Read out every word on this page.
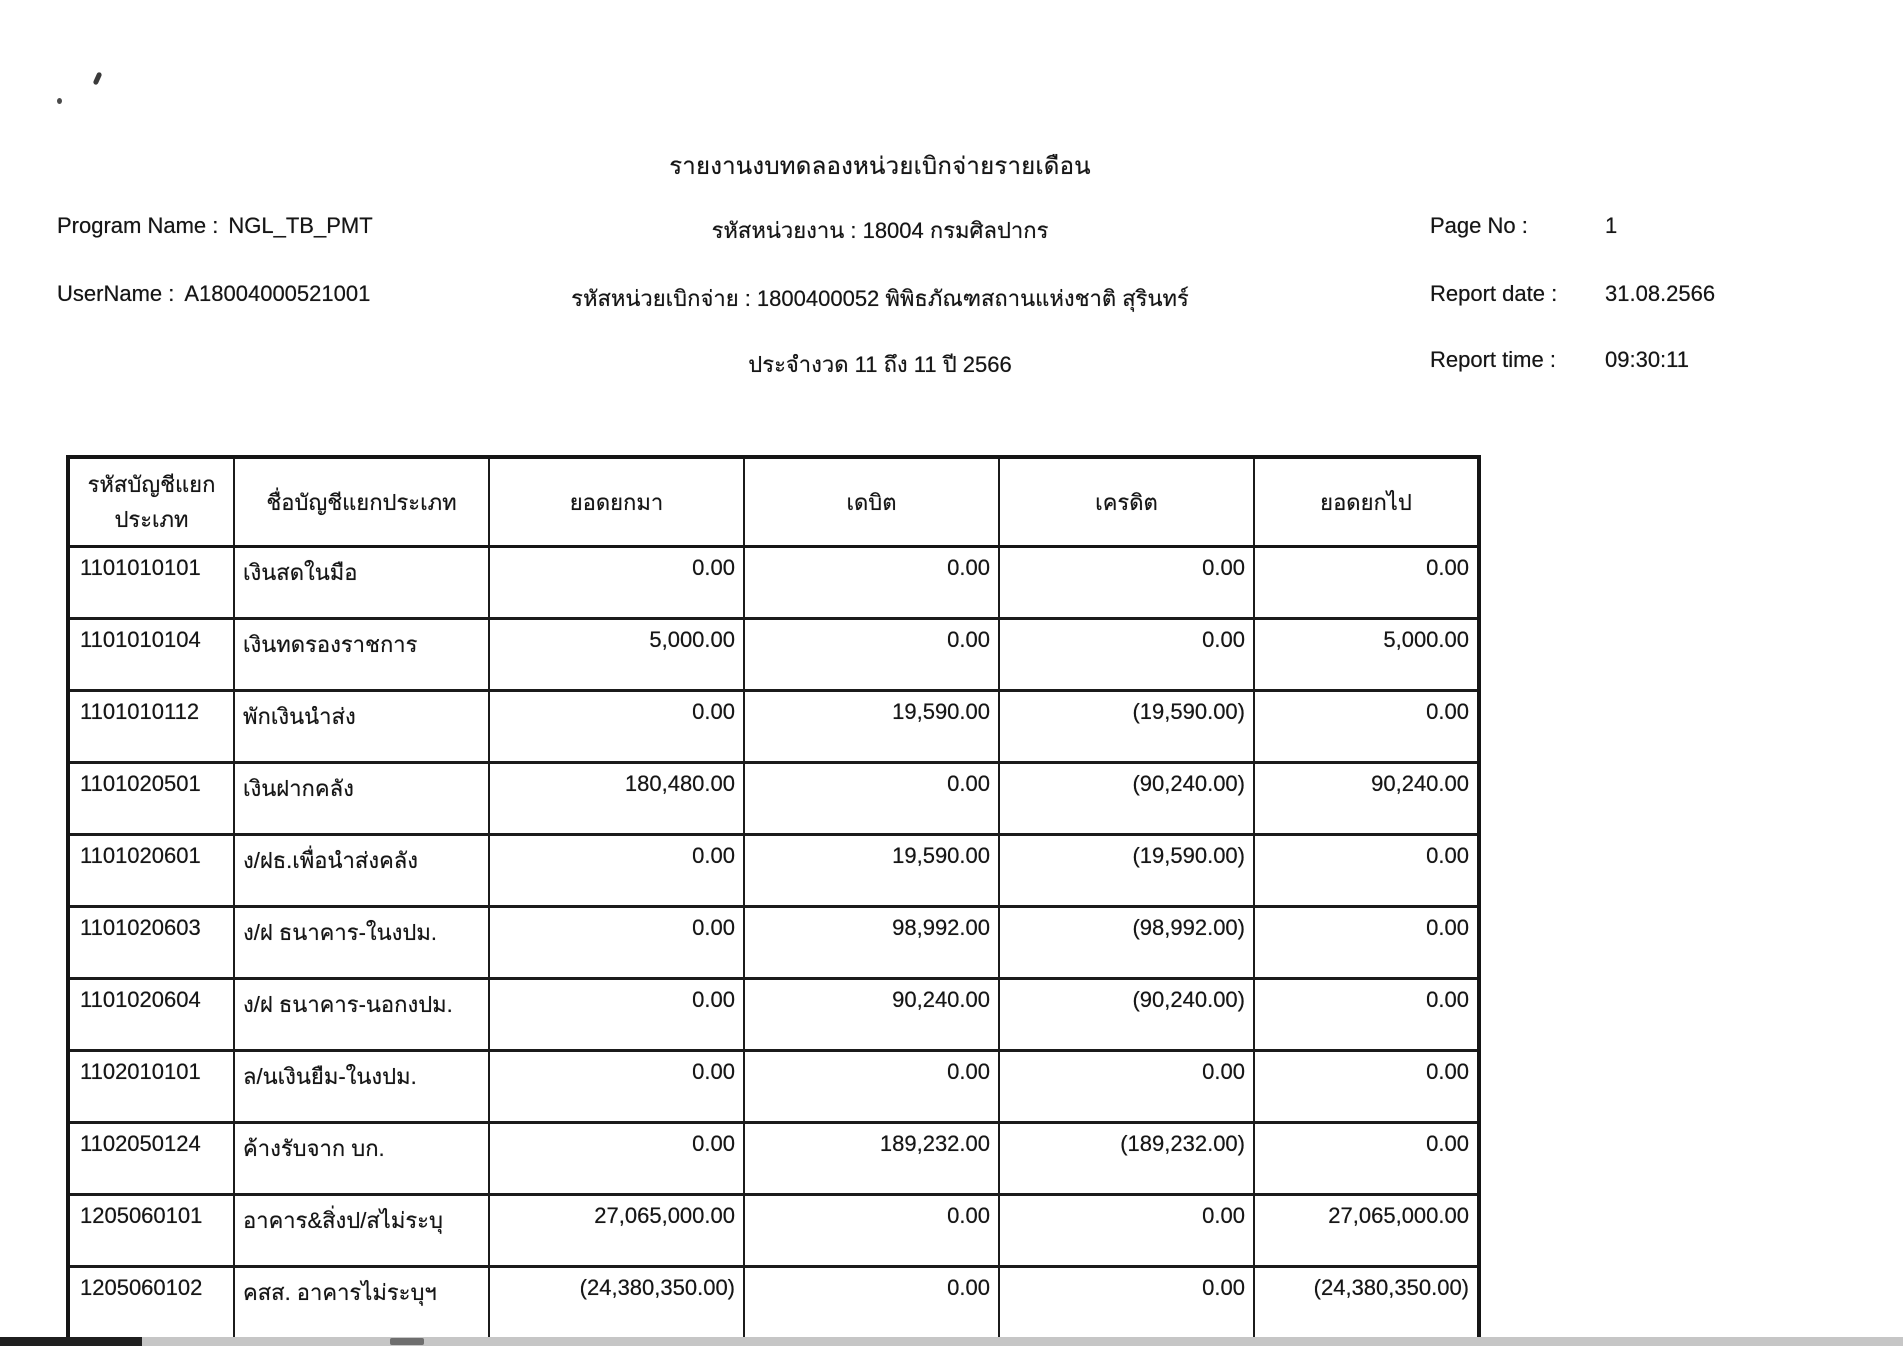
รายงานงบทดลองหน่วยเบิกจ่ายรายเดือน
Program Name : NGL_TB_PMT
UserName : A18004000521001
รหัสหน่วยงาน : 18004 กรมศิลปากร
รหัสหน่วยเบิกจ่าย : 1800400052 พิพิธภัณฑสถานแห่งชาติ สุรินทร์
ประจำงวด 11 ถึง 11 ปี 2566
Page No :	1
Report date : 31.08.2566
Report time : 09:30:11
รหัสบัญชีแยกประเภท	ชื่อบัญชีแยกประเภท	ยอดยกมา	เดบิต	เครดิต	ยอดยกไป
1101010101	เงินสดในมือ	0.00	0.00	0.00	0.00
1101010104	เงินทดรองราชการ	5,000.00	0.00	0.00	5,000.00
1101010112	พักเงินนำส่ง	0.00	19,590.00	(19,590.00)	0.00
1101020501	เงินฝากคลัง	180,480.00	0.00	(90,240.00)	90,240.00
1101020601	ง/ฝธ.เพื่อนำส่งคลัง	0.00	19,590.00	(19,590.00)	0.00
1101020603	ง/ฝ ธนาคาร-ในงปม.	0.00	98,992.00	(98,992.00)	0.00
1101020604	ง/ฝ ธนาคาร-นอกงปม.	0.00	90,240.00	(90,240.00)	0.00
1102010101	ล/นเงินยืม-ในงปม.	0.00	0.00	0.00	0.00
1102050124	ค้างรับจาก บก.	0.00	189,232.00	(189,232.00)	0.00
1205060101	อาคาร&สิ่งป/สไม่ระบุ	27,065,000.00	0.00	0.00	27,065,000.00
1205060102	คสส. อาคารไม่ระบุฯ	(24,380,350.00)	0.00	0.00	(24,380,350.00)
